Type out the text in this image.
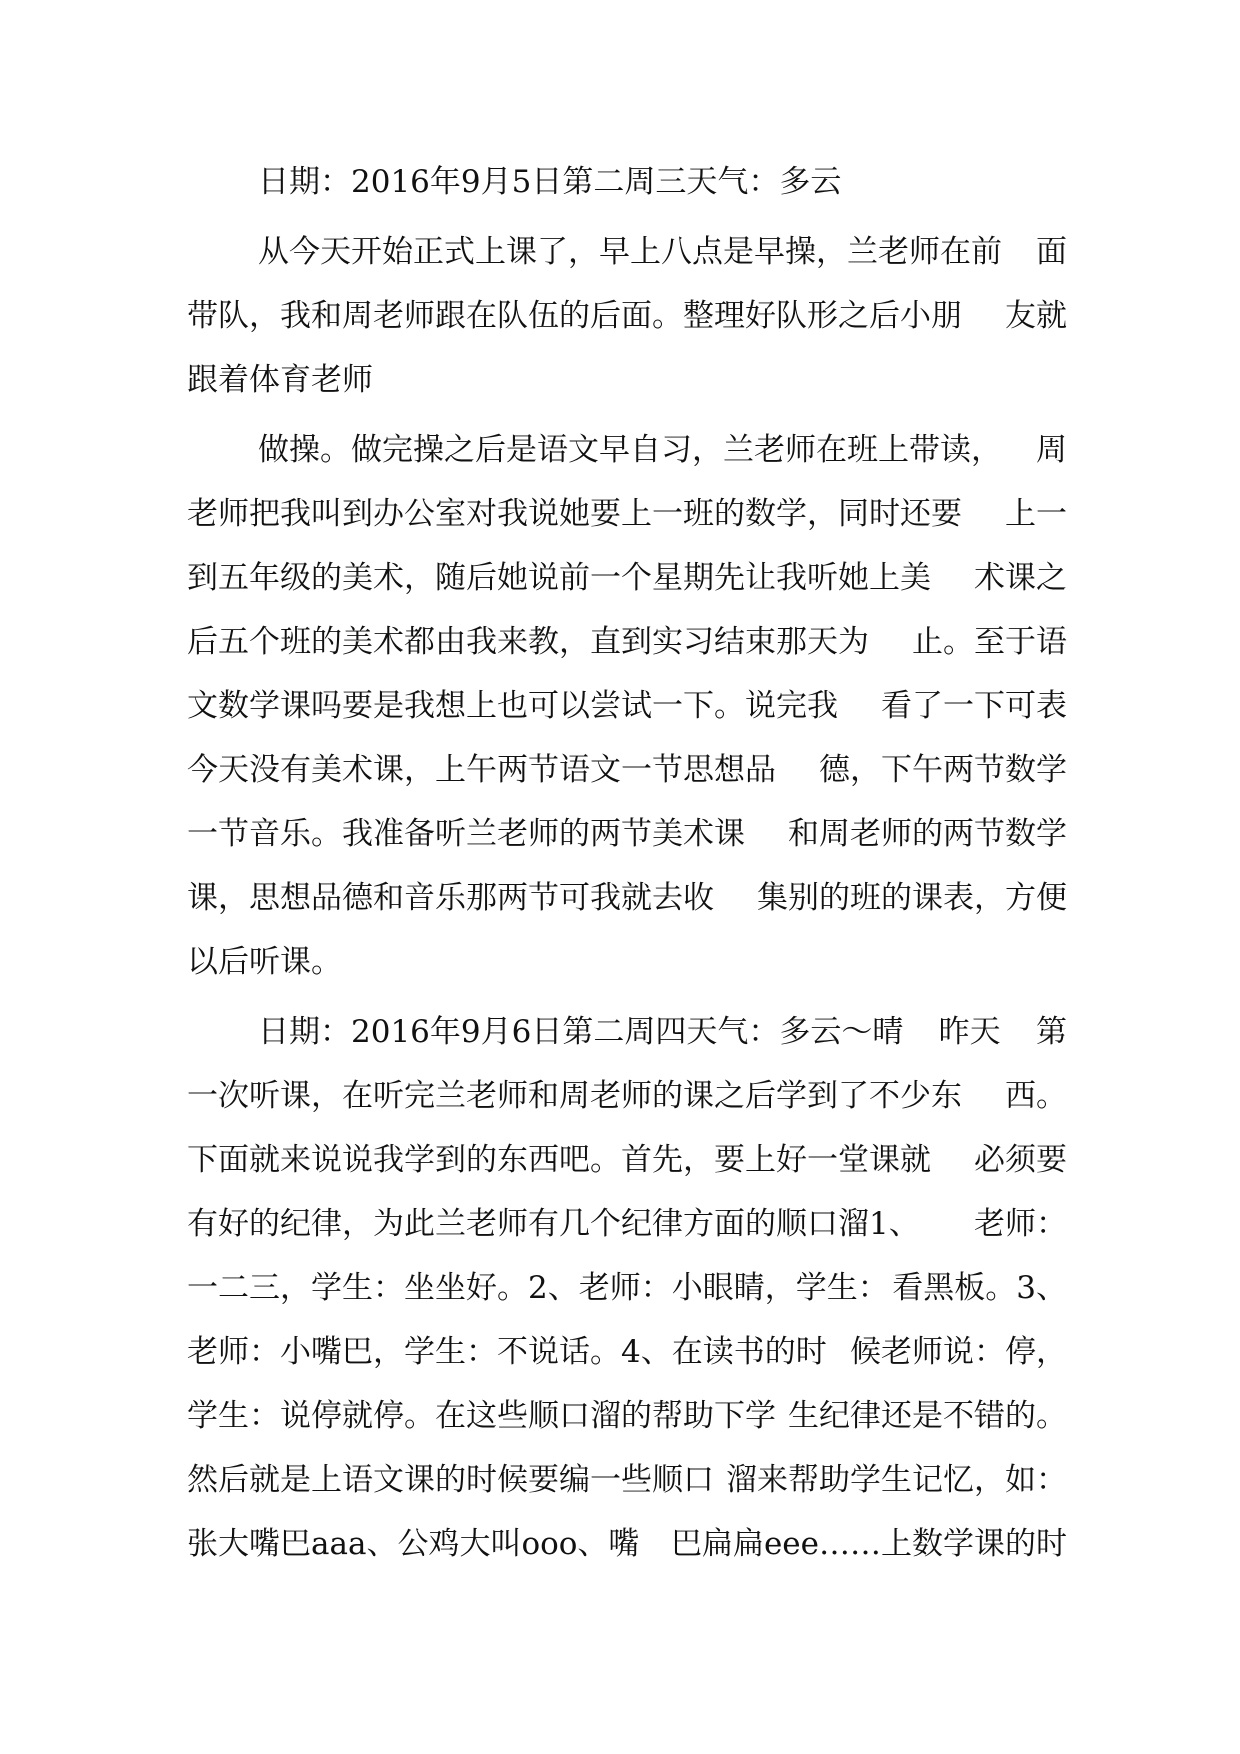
日期：2016年9月5日第二周三天气：多云
从今天开始正式上课了，早上八点是早操，兰老师在前 面
带队，我和周老师跟在队伍的后面。整理好队形之后小朋 友就
跟着体育老师
做操。做完操之后是语文早自习，兰老师在班上带读， 周
老师把我叫到办公室对我说她要上一班的数学，同时还要 上一
到五年级的美术，随后她说前一个星期先让我听她上美 术课之
后五个班的美术都由我来教，直到实习结束那天为 止。至于语
文数学课吗要是我想上也可以尝试一下。说完我 看了一下可表
今天没有美术课，上午两节语文一节思想品 德，下午两节数学
一节音乐。我准备听兰老师的两节美术课 和周老师的两节数学
课，思想品德和音乐那两节可我就去收 集别的班的课表，方便
以后听课。
日期：2016年9月6日第二周四天气：多云～晴 昨天 第
一次听课，在听完兰老师和周老师的课之后学到了不少东 西。
下面就来说说我学到的东西吧。首先，要上好一堂课就 必须要
有好的纪律，为此兰老师有几个纪律方面的顺口溜1、 老师：
一二三，学生：坐坐好。2、老师：小眼睛，学生： 看黑板。3、
老师：小嘴巴，学生：不说话。4、在读书的时 候老师说：停，
学生：说停就停。在这些顺口溜的帮助下学 生纪律还是不错的。
然后就是上语文课的时候要编一些顺口 溜来帮助学生记忆，如：
张大嘴巴aaa、公鸡大叫ooo、嘴 巴扁扁eee……上数学课的时
